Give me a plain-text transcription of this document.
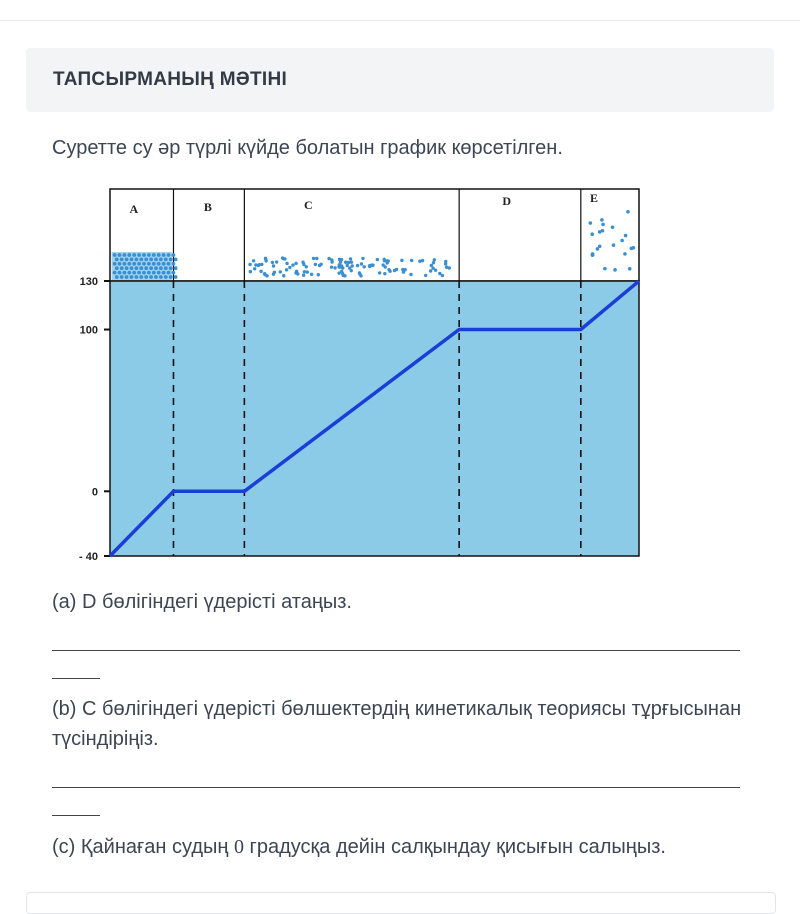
ТАПСЫРМАНЫҢ МӘТІНІ
Суретте су әр түрлі күйде болатын график көрсетілген.
A	B	C	D	E
130
100
0
- 40
(a) D бөлігіндегі үдерісті атаңыз.
(b) C бөлігіндегі үдерісті бөлшектердің кинетикалық теориясы тұрғысынан түсіндіріңіз.
(c) Қайнаған судың 0 градусқа дейін салқындау қисығын салыңыз.
